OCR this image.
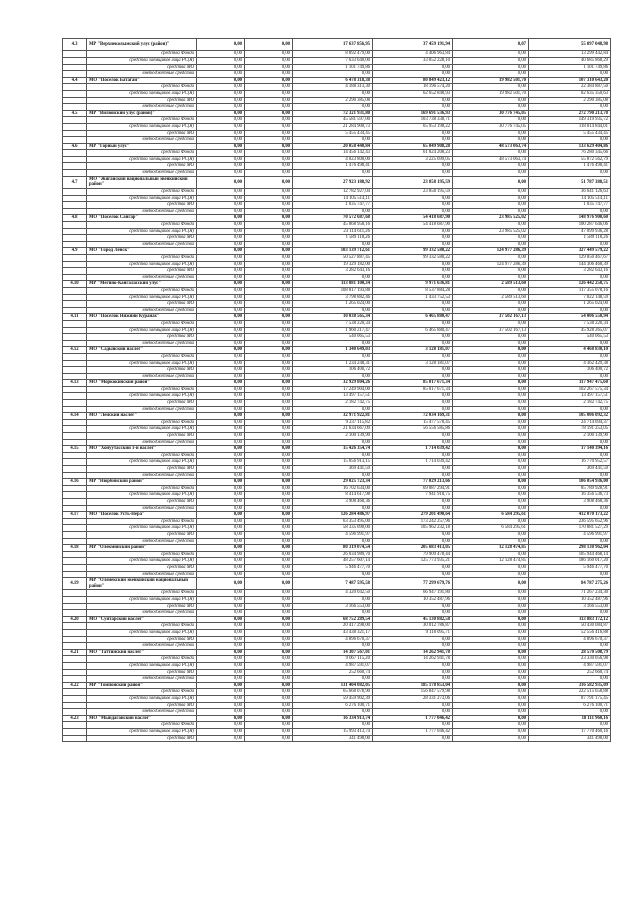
4.3	МР "Верхнеколымский улус (район)"	0,00	0,00	17 637 856,95	37 459 191,94	0,07	55 097 048,98
	средства Фонда	0,00	0,00	8 892 479,00	4 406 963,84	0,00	13 299 442,84
	средства заемщиков лица РС(Я)	0,00	0,00	7 633 640,00	33 052 228,10	0,00	40 685 868,29
	средства МО	0,00	0,00	1 101 749,86	0,00	0,00	1 101 749,86
	внебюджетные средства	0,00	0,00	0,00	0,00	0,00	0,00
4.4	МО "Поселок Батагай"	0,00	0,00	6 478 318,38	80 849 423,12	19 982 501,70	107 310 643,20
	средства Фонда	0,00	0,00	4 188 313,30	18 196 574,20	0,00	22 384 887,50
	средства заемщиков лица РС(Я)	0,00	0,00	0,00	62 652 848,93	19 982 501,70	82 635 350,63
	средства МО	0,00	0,00	2 290 385,08	0,00	0,00	2 290 385,08
	внебюджетные средства	0,00	0,00	0,00	0,00	0,00	0,00
4.5	МР "Вилюйский улус (район)"	0,00	0,00	72 321 931,80	169 691 536,93	30 776 745,05	272 790 213,78
	средства Фонда	0,00	0,00	45 581 597,00	103 738 338,71	0,00	149 319 935,72
	средства заемщиков лица РС(Я)	0,00	0,00	21 284 900,73	65 953 198,22	30 776 745,05	118 014 844,01
	средства МО	0,00	0,00	5 455 434,45	0,00	0,00	5 455 434,45
	внебюджетные средства	0,00	0,00	0,00	0,00	0,00	0,00
4.6	МР "Горный улус"	0,00	0,00	20 058 440,84	65 049 908,28	48 573 063,74	133 629 404,86
	средства Фонда	0,00	0,00	14 456 142,43	61 824 208,23	0,00	76 280 345,66
	средства заемщиков лица РС(Я)	0,00	0,00	4 023 800,00	3 225 699,05	48 573 063,74	55 872 562,79
	средства МО	0,00	0,00	1 476 498,41	0,00	0,00	1 476 498,41
	внебюджетные средства	0,00	0,00	0,00	0,00	0,00	0,00
4.7	МО "Жиганский национальный эвенкийский район"	0,00	0,00	27 923 188,92	23 858 195,59	0,00	51 787 388,51
	средства Фонда	0,00	0,00	12 782 927,04	23 858 195,59	0,00	36 641 126,63
	средства заемщиков лица РС(Я)	0,00	0,00	14 105 514,11	0,00	0,00	14 105 514,11
	средства МО	0,00	0,00	1 035 747,77	0,00	0,00	1 035 747,77
	внебюджетные средства	0,00	0,00	0,00	0,00	0,00	0,00
4.8	МО "Поселок Сангар"	0,00	0,00	70 572 687,68	54 418 687,90	23 985 525,02	148 976 900,60
	средства Фонда	0,00	0,00	45 868 958,16	54 418 687,90	0,00	100 287 646,06
	средства заемщиков лица РС(Я)	0,00	0,00	23 114 611,26	0,00	23 985 525,02	47 099 936,28
	средства МО	0,00	0,00	1 589 118,26	0,00	0,00	1 589 118,26
	внебюджетные средства	0,00	0,00	0,00	0,00	0,00	0,00
4.9	МО "Город Ленск"	0,00	0,00	103 139 712,61	99 332 580,22	124 977 286,39	327 449 579,22
	средства Фонда	0,00	0,00	50 527 887,45	99 332 580,22	0,00	129 850 467,67
	средства заемщиков лица РС(Я)	0,00	0,00	19 329 182,00	0,00	124 977 286,39	144 306 468,39
	средства МО	0,00	0,00	3 282 643,16	0,00	0,00	3 282 643,16
	внебюджетные средства	0,00	0,00	0,00	0,00	0,00	0,00
4.10	МР "Мегино-Кангаласский улус"	0,00	0,00	113 881 100,34	9 971 636,81	2 589 513,60	126 442 250,75
	средства Фонда	0,00	0,00	108 817 193,88	8 537 884,28	0,00	117 355 078,16
	средства заемщиков лица РС(Я)	0,00	0,00	3 798 882,46	1 433 752,53	2 589 513,60	7 822 148,59
	средства МО	0,00	0,00	1 265 024,00	0,00	0,00	1 265 024,00
	внебюджетные средства	0,00	0,00	0,00	0,00	0,00	0,00
4.11	МО "Поселок Нижний Куранах"	0,00	0,00	10 038 565,34	6 465 880,47	37 502 167,13	54 006 550,94
	средства Фонда	0,00	0,00	7 538 220,34	0,00	0,00	7 538 220,34
	средства заемщиков лица РС(Я)	0,00	0,00	1 960 217,47	6 465 880,47	37 502 167,13	45 928 265,07
	средства МО	0,00	0,00	540 065,53	0,00	0,00	540 065,53
	внебюджетные средства	0,00	0,00	0,00	0,00	0,00	0,00
4.12	МО "Садынский наслег"	0,00	0,00	1 340 649,03	3 128 181,07	0,00	4 468 830,10
	средства Фонда	0,00	0,00	0,00	0,00	0,00	0,00
	средства заемщиков лица РС(Я)	0,00	0,00	1 234 248,31	3 128 181,07	0,00	4 362 429,38
	средства МО	0,00	0,00	106 400,72	0,00	0,00	106 400,72
	внебюджетные средства	0,00	0,00	0,00	0,00	0,00	0,00
4.13	МО "Моркокинский район"	0,00	0,00	32 929 804,26	85 017 671,34	0,00	117 947 475,60
	средства Фонда	0,00	0,00	17 249 904,00	85 017 671,34	0,00	102 267 575,34
	средства заемщиков лица РС(Я)	0,00	0,00	13 497 157,51	0,00	0,00	13 497 157,51
	средства МО	0,00	0,00	2 182 742,75	0,00	0,00	2 182 742,75
	внебюджетные средства	0,00	0,00	0,00	0,00	0,00	0,00
4.14	МО "Ленский наслег"	0,00	0,00	32 971 922,81	72 034 169,31	0,00	105 006 092,32
	средства Фонда	0,00	0,00	9 237 115,82	15 477 578,45	0,00	24 714 694,37
	средства заемщиков лица РС(Я)	0,00	0,00	21 634 667,09	56 556 585,86	0,00	78 191 253,05
	средства МО	0,00	0,00	2 100 139,90	0,00	0,00	2 100 139,90
	внебюджетные средства	0,00	0,00	0,00	0,00	0,00	0,00
4.15	МО "Хонуутасский 1-й наслег"	0,00	0,00	15 426 354,74	1 714 039,42	0,00	17 140 394,16
	средства Фонда	0,00	0,00	0,00	0,00	0,00	0,00
	средства заемщиков лица РС(Я)	0,00	0,00	15 056 913,15	1 714 039,42	0,00	16 770 952,57
	средства МО	0,00	0,00	369 441,59	0,00	0,00	369 441,59
	внебюджетные средства	0,00	0,00	0,00	0,00	0,00	0,00
4.16	МР "Нюрбинский район"	0,00	0,00	29 025 723,34	77 029 213,66	0,00	106 054 936,00
	средства Фонда	0,00	0,00	16 702 634,00	69 087 294,91	0,00	85 789 928,91
	средства заемщиков лица РС(Я)	0,00	0,00	8 414 617,98	7 941 918,75	0,00	16 356 536,73
	средства МО	0,00	0,00	3 908 468,36	0,00	0,00	3 908 468,36
	внебюджетные средства	0,00	0,00	0,00	0,00	0,00	0,00
4.17	МО "Поселок Усть-Нера"	0,00	0,00	126 284 486,97	279 201 490,64	6 584 295,61	412 070 173,22
	средства Фонда	0,00	0,00	63 353 495,00	173 242 257,96	0,00	236 595 652,96
	средства заемщиков лица РС(Я)	0,00	0,00	58 335 090,00	105 962 232,18	6 584 295,61	170 881 527,29
	средства МО	0,00	0,00	4 596 991,97	0,00	0,00	4 596 991,97
	внебюджетные средства	0,00	0,00	0,00	0,00	0,00	0,00
4.18	МР "Олекминский район"	0,00	0,00	80 319 074,54	205 683 413,05	12 128 474,85	298 130 962,04
	средства Фонда	0,00	0,00	26 034 989,70	79 909 478,44	0,00	105 944 468,14
	средства заемщиков лица РС(Я)	0,00	0,00	48 257 607,14	125 773 935,21	12 128 474,85	186 160 017,20
	средства МО	0,00	0,00	5 946 477,70	0,00	0,00	5 946 477,70
	внебюджетные средства	0,00	0,00	0,00	0,00	0,00	0,00
4.19	МР "Оленекский эвенкийский национальный район"	0,00	0,00	7 487 595,58	77 299 679,76	0,00	84 787 275,26
	средства Фонда	0,00	0,00	4 320 042,50	66 947 191,80	0,00	71 267 234,30
	средства заемщиков лица РС(Я)	0,00	0,00	0,00	10 352 487,96	0,00	10 352 487,96
	средства МО	0,00	0,00	3 166 553,00	0,00	0,00	3 166 553,00
	внебюджетные средства	0,00	0,00	0,00	0,00	0,00	0,00
4.20	МО "Сунтарский наслег"	0,00	0,00	68 752 289,54	45 130 882,58	0,00	113 883 172,12
	средства Фонда	0,00	0,00	20 417 298,00	30 012 786,87	0,00	50 430 084,87
	средства заемщиков лица РС(Я)	0,00	0,00	43 438 321,17	9 118 095,71	0,00	52 556 416,88
	средства МО	0,00	0,00	4 896 670,37	0,00	0,00	4 896 670,37
	внебюджетные средства	0,00	0,00	0,00	0,00	0,00	0,00
4.21	МО "Таттинский наслег"	0,00	0,00	14 307 567,01	14 262 941,78	0,00	28 570 508,79
	средства Фонда	0,00	0,00	9 067 115,20	14 262 941,78	0,00	23 330 056,98
	средства заемщиков лица РС(Я)	0,00	0,00	4 987 591,07	0,00	0,00	4 987 591,07
	средства МО	0,00	0,00	252 660,74	0,00	0,00	252 660,74
	внебюджетные средства	0,00	0,00	0,00	0,00	0,00	0,00
4.22	МР "Томпонский район"	0,00	0,00	131 404 082,05	185 178 853,04	0,00	316 582 935,09
	средства Фонда	0,00	0,00	65 668 078,90	156 847 579,98	0,00	222 515 658,88
	средства заемщиков лица РС(Я)	0,00	0,00	59 459 902,39	28 331 273,06	0,00	87 791 175,45
	средства МО	0,00	0,00	6 276 100,71	0,00	0,00	6 276 100,71
	внебюджетные средства	0,00	0,00	0,00	0,00	0,00	0,00
4.23	МО "Мындагайский наслег"	0,00	0,00	16 334 913,74	1 777 046,42	0,00	18 111 960,16
	средства Фонда	0,00	0,00	0,00	0,00	0,00	0,00
	средства заемщиков лица РС(Я)	0,00	0,00	15 993 413,74	1 777 046,42	0,00	17 770 460,16
	средства МО	0,00	0,00	341 498,00	0,00	0,00	341 498,00
